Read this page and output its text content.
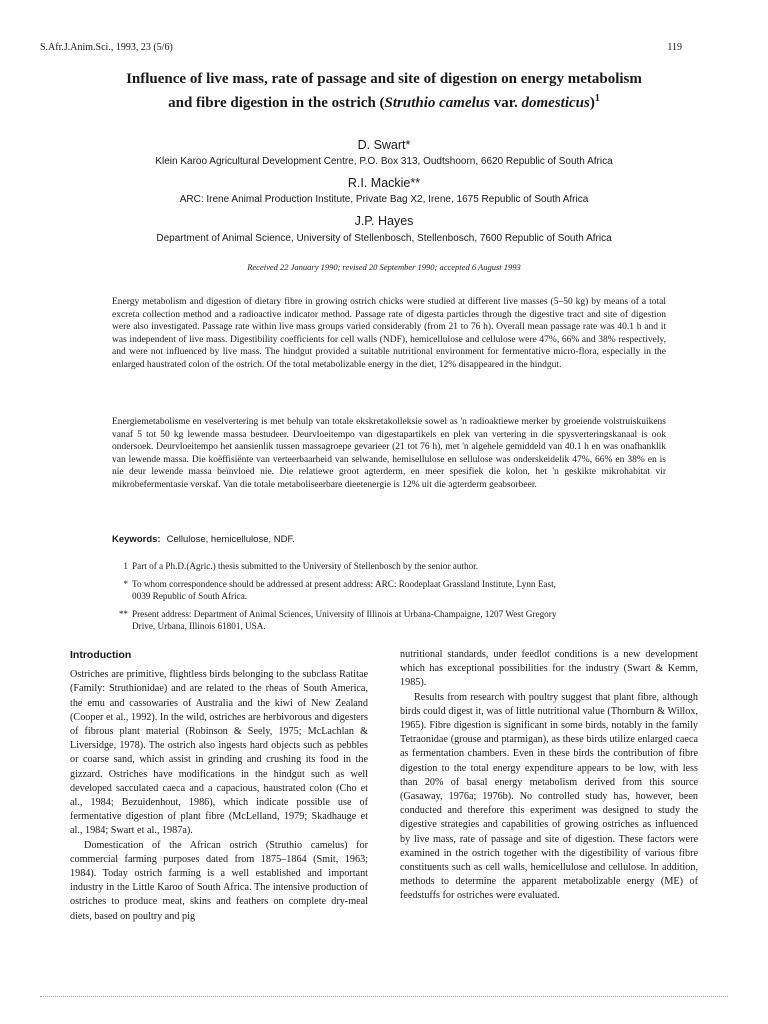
S.Afr.J.Anim.Sci., 1993, 23 (5/6)	119
Influence of live mass, rate of passage and site of digestion on energy metabolism
and fibre digestion in the ostrich (Struthio camelus var. domesticus)$^1$
D. Swart*
Klein Karoo Agricultural Development Centre, P.O. Box 313, Oudtshoorn, 6620 Republic of South Africa
R.I. Mackie**
ARC: Irene Animal Production Institute, Private Bag X2, Irene, 1675 Republic of South Africa
J.P. Hayes
Department of Animal Science, University of Stellenbosch, Stellenbosch, 7600 Republic of South Africa
Received 22 January 1990; revised 20 September 1990; accepted 6 August 1993

Energy metabolism and digestion of dietary fibre in growing ostrich chicks were studied at different live masses (5–50 kg) by means of a total excreta collection method and a radioactive indicator method. Passage rate of digesta particles through the digestive tract and site of digestion were also investigated. Passage rate within live mass groups varied considerably (from 21 to 76 h). Overall mean passage rate was 40.1 h and it was independent of live mass. Digestibility coefficients for cell walls (NDF), hemicellulose and cellulose were 47%, 66% and 38% respectively, and were not influenced by live mass. The hindgut provided a suitable nutritional environment for fermentative micro-flora, especially in the enlarged haustrated colon of the ostrich. Of the total metabolizable energy in the diet, 12% disappeared in the hindgut.

Energiemetabolisme en veselvertering is met behulp van totale ekskretakolleksie sowel as 'n radioaktiewe merker by groeiende volstruiskuikens vanaf 5 tot 50 kg lewende massa bestudeer. Deurvloeitempo van digestapartikels en plek van vertering in die spysverteringskanaal is ook ondersoek. Deurvloeitempo het aansienlik tussen massagroepe gevarieer (21 tot 76 h), met 'n algehele gemiddeld van 40.1 h en was onafhanklik van lewende massa. Die koëffisiënte van verteerbaarheid van selwande, hemisellulose en sellulose was onderskeidelik 47%, 66% en 38% en is nie deur lewende massa beïnvloed nie. Die relatiewe groot agterderm, en meer spesifiek die kolon, het 'n geskikte mikrohabitat vir mikrobefermentasie verskaf. Van die totale metaboliseerbare dieetenergie is 12% uit die agterderm geabsorbeer.

Keywords: Cellulose, hemicellulose, NDF.

1 Part of a Ph.D.(Agric.) thesis submitted to the University of Stellenbosch by the senior author.

* To whom correspondence should be addressed at present address: ARC: Roodeplaat Grassland Institute, Lynn East,
0039 Republic of South Africa.

** Present address: Department of Animal Sciences, University of Illinois at Urbana-Champaigne, 1207 West Gregory
Drive, Urbana, Illinois 61801, USA.

Introduction

Ostriches are primitive, flightless birds belonging to the subclass Ratitae (Family: Struthionidae) and are related to the rheas of South America, the emu and cassowaries of Australia and the kiwi of New Zealand (Cooper et al., 1992). In the wild, ostriches are herbivorous and digesters of fibrous plant material (Robinson & Seely, 1975; McLachlan & Liversidge, 1978). The ostrich also ingests hard objects such as pebbles or coarse sand, which assist in grinding and crushing its food in the gizzard. Ostriches have modifications in the hindgut such as well developed sacculated caeca and a capacious, haustrated colon (Cho et al., 1984; Bezuidenhout, 1986), which indicate possible use of fermentative digestion of plant fibre (McLelland, 1979; Skadhauge et al., 1984; Swart et al., 1987a).

Domestication of the African ostrich (Struthio camelus) for commercial farming purposes dated from 1875–1864 (Smit, 1963; 1984). Today ostrich farming is a well established and important industry in the Little Karoo of South Africa. The intensive production of ostriches to produce meat, skins and feathers on complete dry-meal diets, based on poultry and pig

nutritional standards, under feedlot conditions is a new development which has exceptional possibilities for the industry (Swart & Kemm, 1985).

Results from research with poultry suggest that plant fibre, although birds could digest it, was of little nutritional value (Thornburn & Willox, 1965). Fibre digestion is significant in some birds, notably in the family Tetraonidae (grouse and ptarmigan), as these birds utilize enlarged caeca as fermentation chambers. Even in these birds the contribution of fibre digestion to the total energy expenditure appears to be low, with less than 20% of basal energy metabolism derived from this source (Gasaway, 1976a; 1976b). No controlled study has, however, been conducted and therefore this experiment was designed to study the digestive strategies and capabilities of growing ostriches as influenced by live mass, rate of passage and site of digestion. These factors were examined in the ostrich together with the digestibility of various fibre constituents such as cell walls, hemicellulose and cellulose. In addition, methods to determine the apparent metabolizable energy (ME) of feedstuffs for ostriches were evaluated.
